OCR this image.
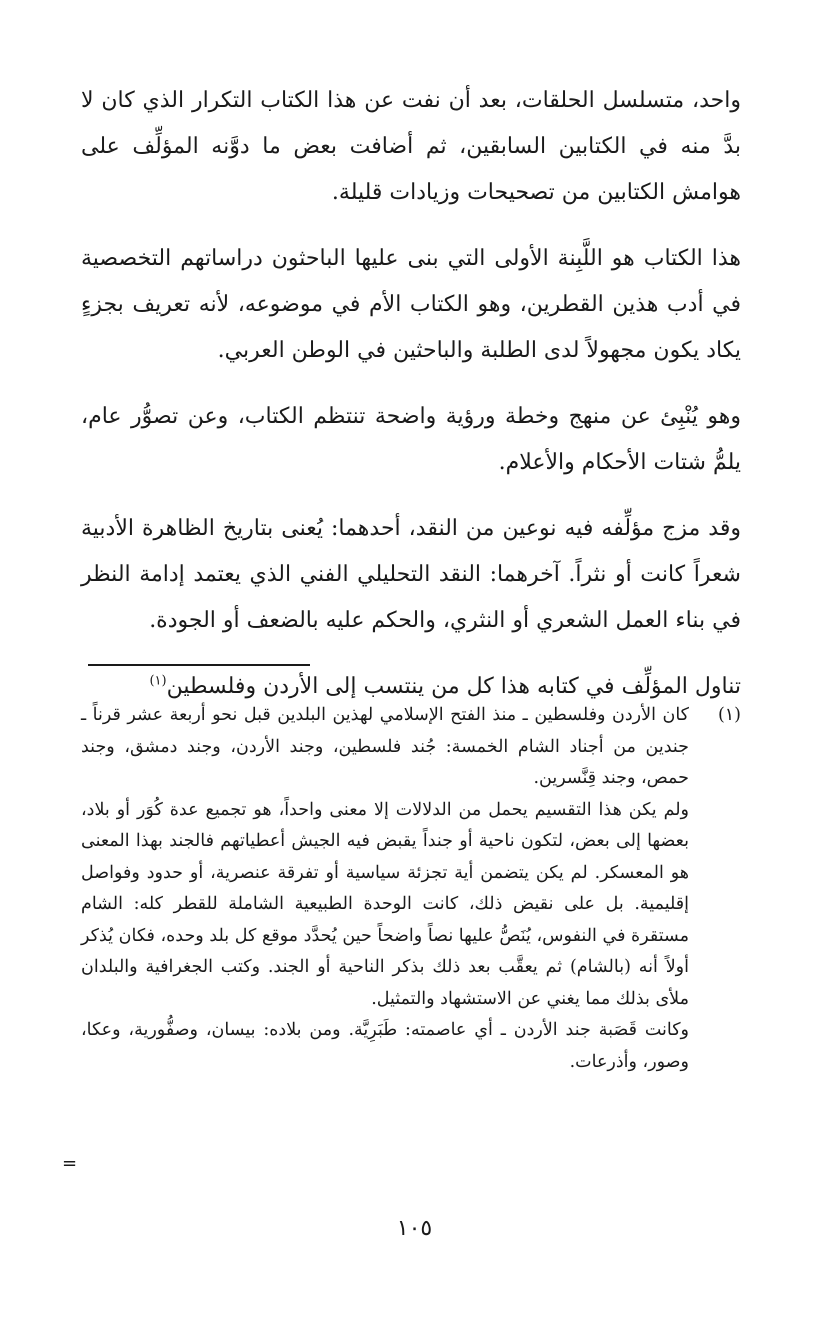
واحد، متسلسل الحلقات، بعد أن نفت عن هذا الكتاب التكرار الذي كان لا بدَّ منه في الكتابين السابقين، ثم أضافت بعض ما دوَّنه المؤلِّف على هوامش الكتابين من تصحيحات وزيادات قليلة.

هذا الكتاب هو اللَّبِنة الأولى التي بنى عليها الباحثون دراساتهم التخصصية في أدب هذين القطرين، وهو الكتاب الأم في موضوعه، لأنه تعريف بجزءٍ يكاد يكون مجهولاً لدى الطلبة والباحثين في الوطن العربي.

وهو يُنْبِئ عن منهج وخطة ورؤية واضحة تنتظم الكتاب، وعن تصوُّر عام، يلمُّ شتات الأحكام والأعلام.

وقد مزج مؤلِّفه فيه نوعين من النقد، أحدهما: يُعنى بتاريخ الظاهرة الأدبية شعراً كانت أو نثراً. آخرهما: النقد التحليلي الفني الذي يعتمد إدامة النظر في بناء العمل الشعري أو النثري، والحكم عليه بالضعف أو الجودة.

تناول المؤلِّف في كتابه هذا كل من ينتسب إلى الأردن وفلسطين$^{(١)}$

(١)

كان الأردن وفلسطين ـ منذ الفتح الإسلامي لهذين البلدين قبل نحو أربعة عشر قرناً ـ جندين من أجناد الشام الخمسة: جُند فلسطين، وجند الأردن، وجند دمشق، وجند حمص، وجند قِنَّسرين.

ولم يكن هذا التقسيم يحمل من الدلالات إلا معنى واحداً، هو تجميع عدة كُوَر أو بلاد، بعضها إلى بعض، لتكون ناحية أو جنداً يقبض فيه الجيش أعطياتهم فالجند بهذا المعنى هو المعسكر. لم يكن يتضمن أية تجزئة سياسية أو تفرقة عنصرية، أو حدود وفواصل إقليمية. بل على نقيض ذلك، كانت الوحدة الطبيعية الشاملة للقطر كله: الشام مستقرة في النفوس، يُنَصُّ عليها نصاً واضحاً حين يُحدَّد موقع كل بلد وحده، فكان يُذكر أولاً أنه (بالشام) ثم يعقَّب بعد ذلك بذكر الناحية أو الجند. وكتب الجغرافية والبلدان ملأى بذلك مما يغني عن الاستشهاد والتمثيل.

وكانت قَصَبة جند الأردن ـ أي عاصمته: طَبَرِيَّة. ومن بلاده: بيسان، وصفُّورية، وعكا، وصور، وأذرعات.

=
١٠٥
